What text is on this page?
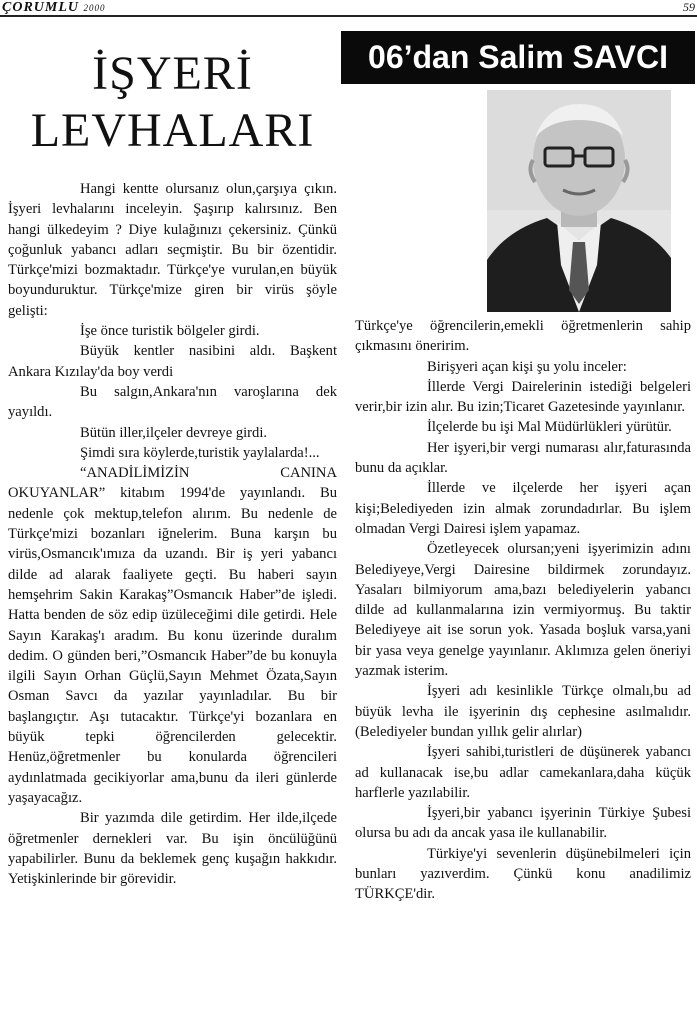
ÇORUMLU 2000	59
İŞYERİ
LEVHALARI
06’dan Salim SAVCI

Hangi kentte olursanız olun,çarşıya çıkın. İşyeri levhalarını inceleyin. Şaşırıp kalırsınız. Ben hangi ülkedeyim ? Diye kulağınızı çekersiniz. Çünkü çoğunluk yabancı adları seçmiştir. Bu bir özentidir. Türkçe'mizi bozmaktadır. Türkçe'ye vurulan,en büyük boyunduruktur. Türkçe'mize giren bir virüs şöyle gelişti:

İşe önce turistik bölgeler girdi.

Büyük kentler nasibini aldı. Başkent Ankara Kızılay'da boy verdi

Bu salgın,Ankara'nın varoşlarına dek yayıldı.

Bütün iller,ilçeler devreye girdi.

Şimdi sıra köylerde,turistik yaylalarda!...

“ANADİLİMİZİN CANINA OKUYANLAR” kitabım 1994'de yayınlandı. Bu nedenle çok mektup,telefon alırım. Bu nedenle de Türkçe'mizi bozanları iğnelerim. Buna karşın bu virüs,Osmancık'ımıza da uzandı. Bir iş yeri yabancı dilde ad alarak faaliyete geçti. Bu haberi sayın hemşehrim Sakin Karakaş”Osmancık Haber”de işledi. Hatta benden de söz edip üzüleceğimi dile getirdi. Hele Sayın Karakaş'ı aradım. Bu konu üzerinde duralım dedim. O günden beri,”Osmancık Haber”de bu konuyla ilgili Sayın Orhan Güçlü,Sayın Mehmet Özata,Sayın Osman Savcı da yazılar yayınladılar. Bu bir başlangıçtır. Aşı tutacaktır. Türkçe'yi bozanlara en büyük tepki öğrencilerden gelecektir. Henüz,öğretmenler bu konularda öğrencileri aydınlatmada gecikiyorlar ama,bunu da ileri günlerde yaşayacağız.

Bir yazımda dile getirdim. Her ilde,ilçede öğretmenler dernekleri var. Bu işin öncülüğünü yapabilirler. Bunu da beklemek genç kuşağın hakkıdır. Yetişkinlerinde bir görevidir.

Türkçe'ye öğrencilerin,emekli öğretmenlerin sahip çıkmasını öneririm.

Birişyeri açan kişi şu yolu inceler:

İllerde Vergi Dairelerinin istediği belgeleri verir,bir izin alır. Bu izin;Ticaret Gazetesinde yayınlanır.

İlçelerde bu işi Mal Müdürlükleri yürütür.

Her işyeri,bir vergi numarası alır,faturasında bunu da açıklar.

İllerde ve ilçelerde her işyeri açan kişi;Belediyeden izin almak zorundadırlar. Bu işlem olmadan Vergi Dairesi işlem yapamaz.

Özetleyecek olursan;yeni işyerimizin adını Belediyeye,Vergi Dairesine bildirmek zorundayız. Yasaları bilmiyorum ama,bazı belediyelerin yabancı dilde ad kullanmalarına izin vermiyormuş. Bu taktir Belediyeye ait ise sorun yok. Yasada boşluk varsa,yani bir yasa veya genelge yayınlanır. Aklımıza gelen öneriyi yazmak isterim.

İşyeri adı kesinlikle Türkçe olmalı,bu ad büyük levha ile işyerinin dış cephesine asılmalıdır. (Belediyeler bundan yıllık gelir alırlar)

İşyeri sahibi,turistleri de düşünerek yabancı ad kullanacak ise,bu adlar camekanlara,daha küçük harflerle yazılabilir.

İşyeri,bir yabancı işyerinin Türkiye Şubesi olursa bu adı da ancak yasa ile kullanabilir.

Türkiye'yi sevenlerin düşünebilmeleri için bunları yazıverdim. Çünkü konu anadilimiz TÜRKÇE'dir.
